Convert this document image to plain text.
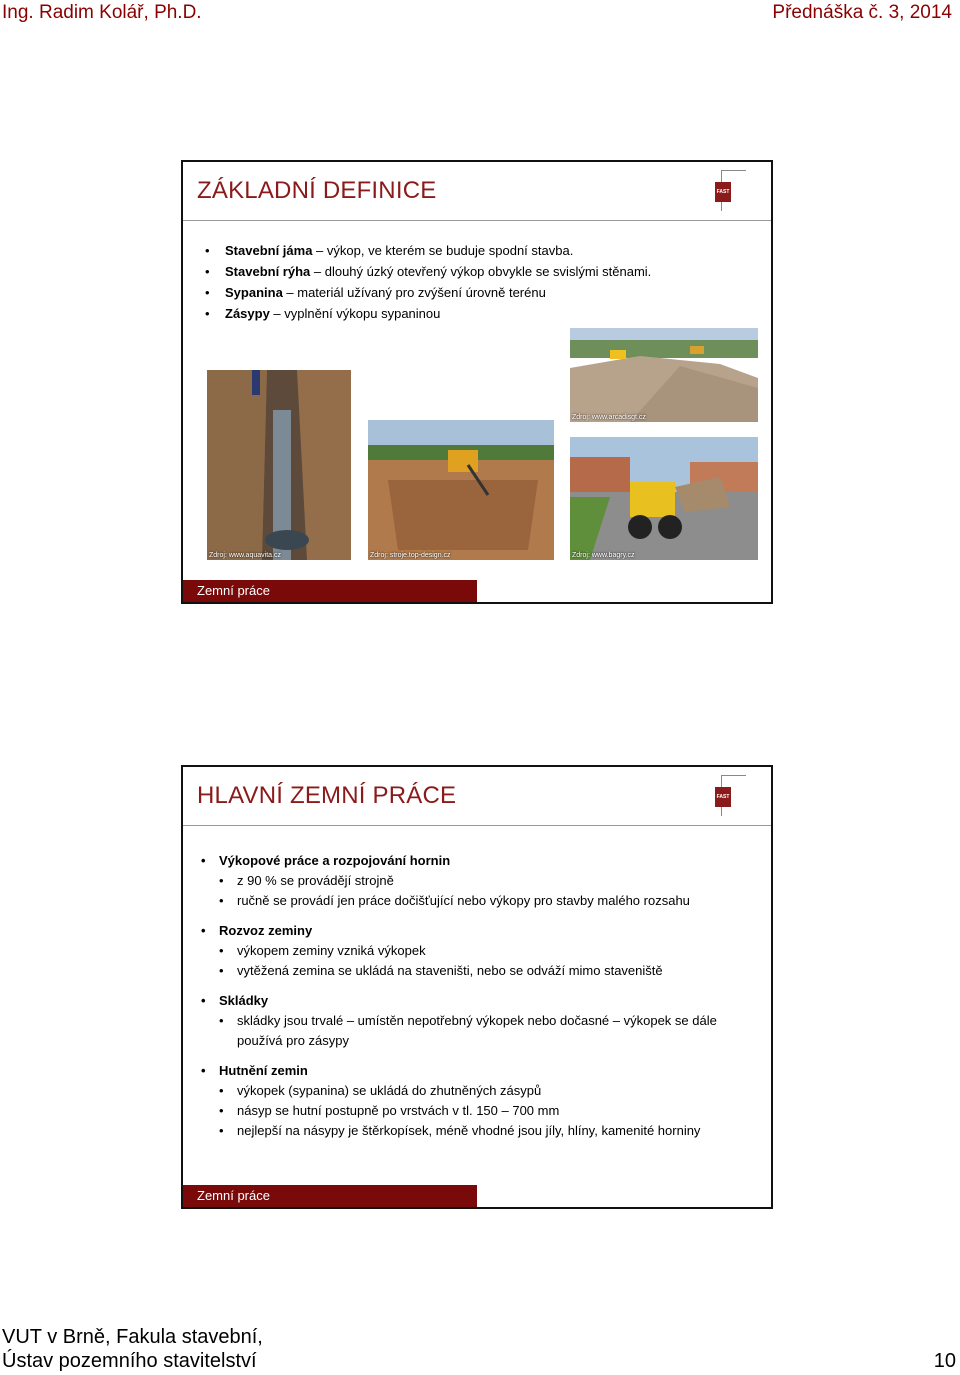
Ing. Radim Kolář, Ph.D.	Přednáška č. 3, 2014
ZÁKLADNÍ DEFINICE	FAST
• Stavební jáma – výkop, ve kterém se buduje spodní stavba.
• Stavební rýha – dlouhý úzký otevřený výkop obvykle se svislými stěnami.
• Sypanina – materiál užívaný pro zvýšení úrovně terénu
• Zásypy – vyplnění výkopu sypaninou
Zdroj: www.arcadisgt.cz
Zdroj: www.aquavita.cz	Zdroj: stroje.top-design.cz	Zdroj: www.bagry.cz
Zemní práce
HLAVNÍ ZEMNÍ PRÁCE	FAST
• Výkopové práce a rozpojování hornin
• z 90 % se provádějí strojně
• ručně se provádí jen práce dočišťující nebo výkopy pro stavby malého rozsahu
• Rozvoz zeminy
• výkopem zeminy vzniká výkopek
• vytěžená zemina se ukládá na staveništi, nebo se odváží mimo staveniště
• Skládky
• skládky jsou trvalé – umístěn nepotřebný výkopek nebo dočasné – výkopek se dále
používá pro zásypy
• Hutnění zemin
• výkopek (sypanina) se ukládá do zhutněných zásypů
• násyp se hutní postupně po vrstvách v tl. 150 – 700 mm
• nejlepší na násypy je štěrkopísek, méně vhodné jsou jíly, hlíny, kamenité horniny
Zemní práce
VUT v Brně, Fakula stavební,
Ústav pozemního stavitelství	10
